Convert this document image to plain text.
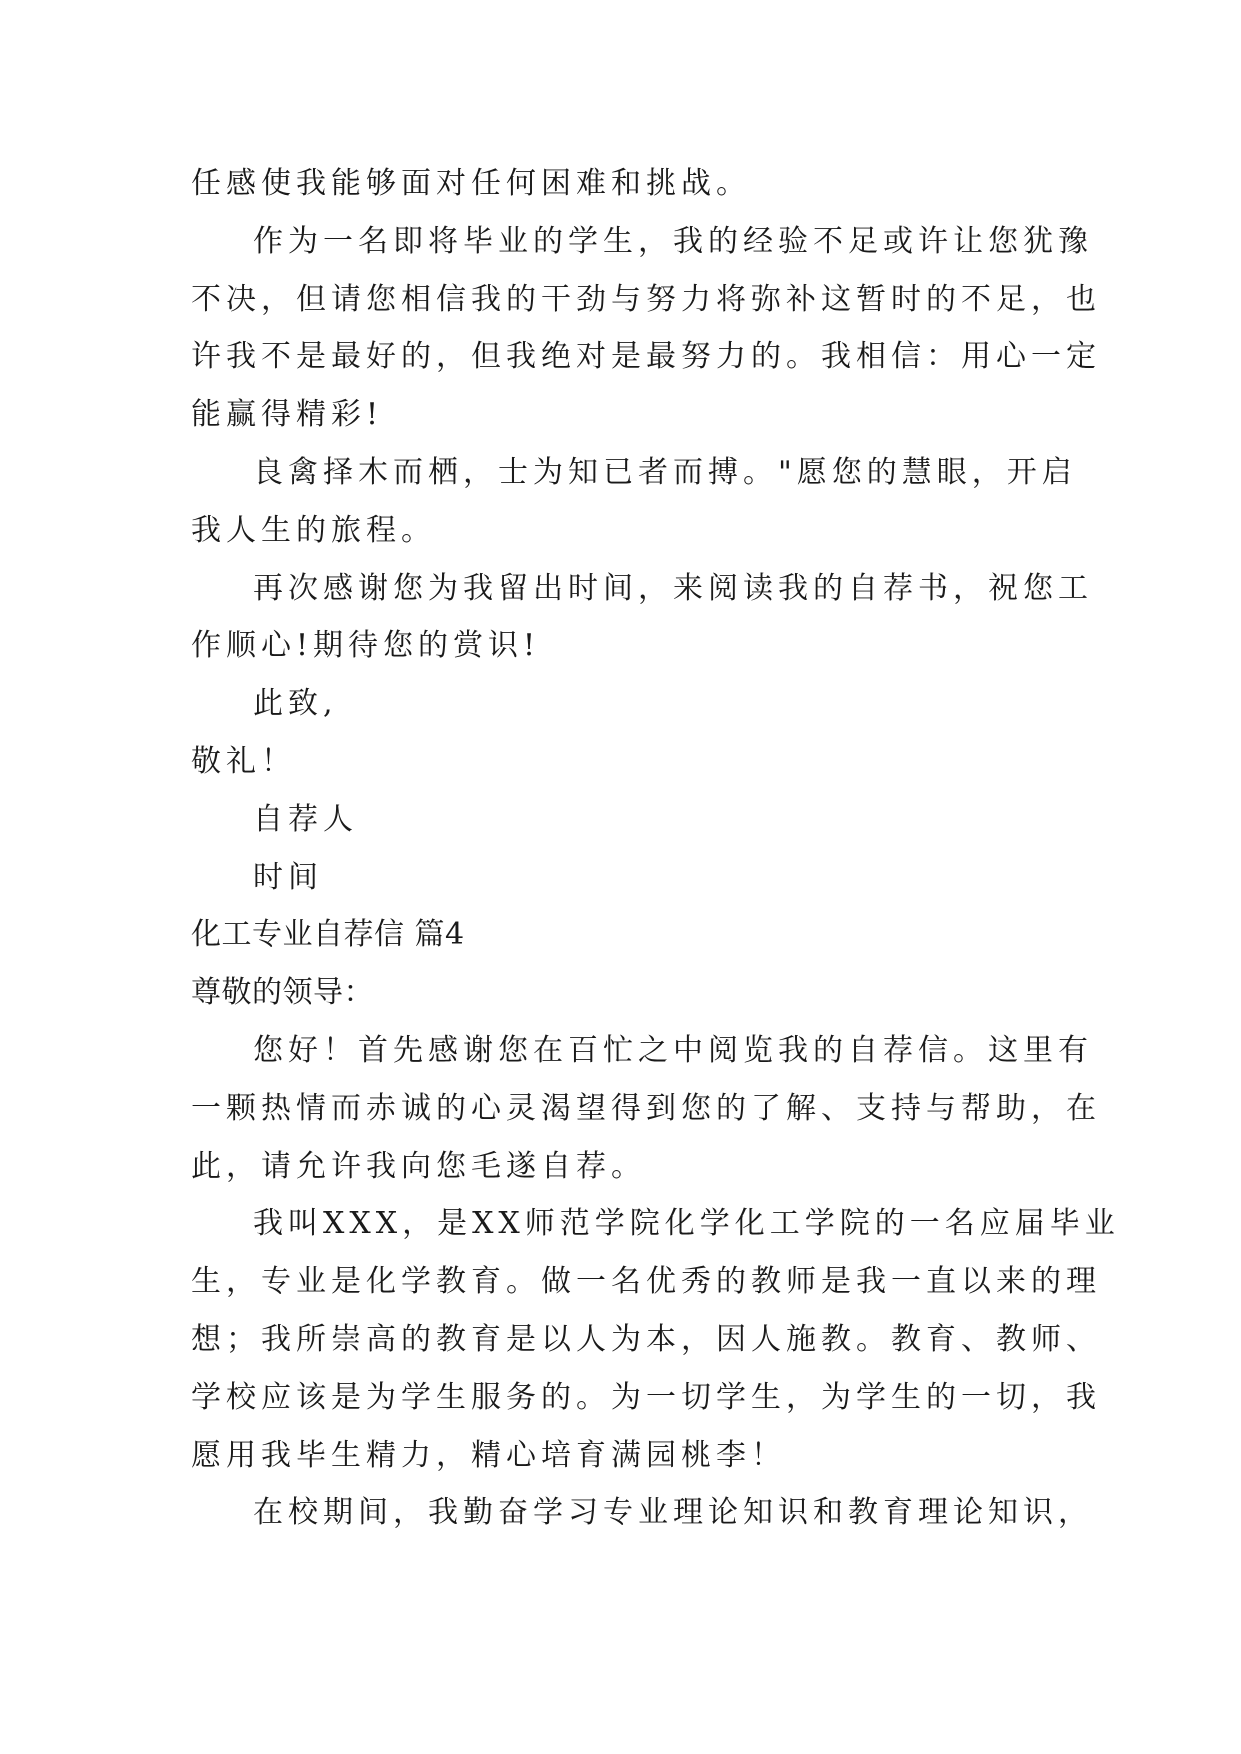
任感使我能够面对任何困难和挑战。
作为一名即将毕业的学生，我的经验不足或许让您犹豫
不决，但请您相信我的干劲与努力将弥补这暂时的不足，也
许我不是最好的，但我绝对是最努力的。我相信：用心一定
能赢得精彩!
良禽择木而栖，士为知已者而搏。"愿您的慧眼，开启
我人生的旅程。
再次感谢您为我留出时间，来阅读我的自荐书，祝您工
作顺心!期待您的赏识!
此致,
敬礼！
自荐人
时间
化工专业自荐信 篇4
尊敬的领导：
您好！首先感谢您在百忙之中阅览我的自荐信。这里有
一颗热情而赤诚的心灵渴望得到您的了解、支持与帮助，在
此，请允许我向您毛遂自荐。
我叫XXX，是XX师范学院化学化工学院的一名应届毕业
生，专业是化学教育。做一名优秀的教师是我一直以来的理
想；我所崇高的教育是以人为本，因人施教。教育、教师、
学校应该是为学生服务的。为一切学生，为学生的一切，我
愿用我毕生精力，精心培育满园桃李！
在校期间，我勤奋学习专业理论知识和教育理论知识，
